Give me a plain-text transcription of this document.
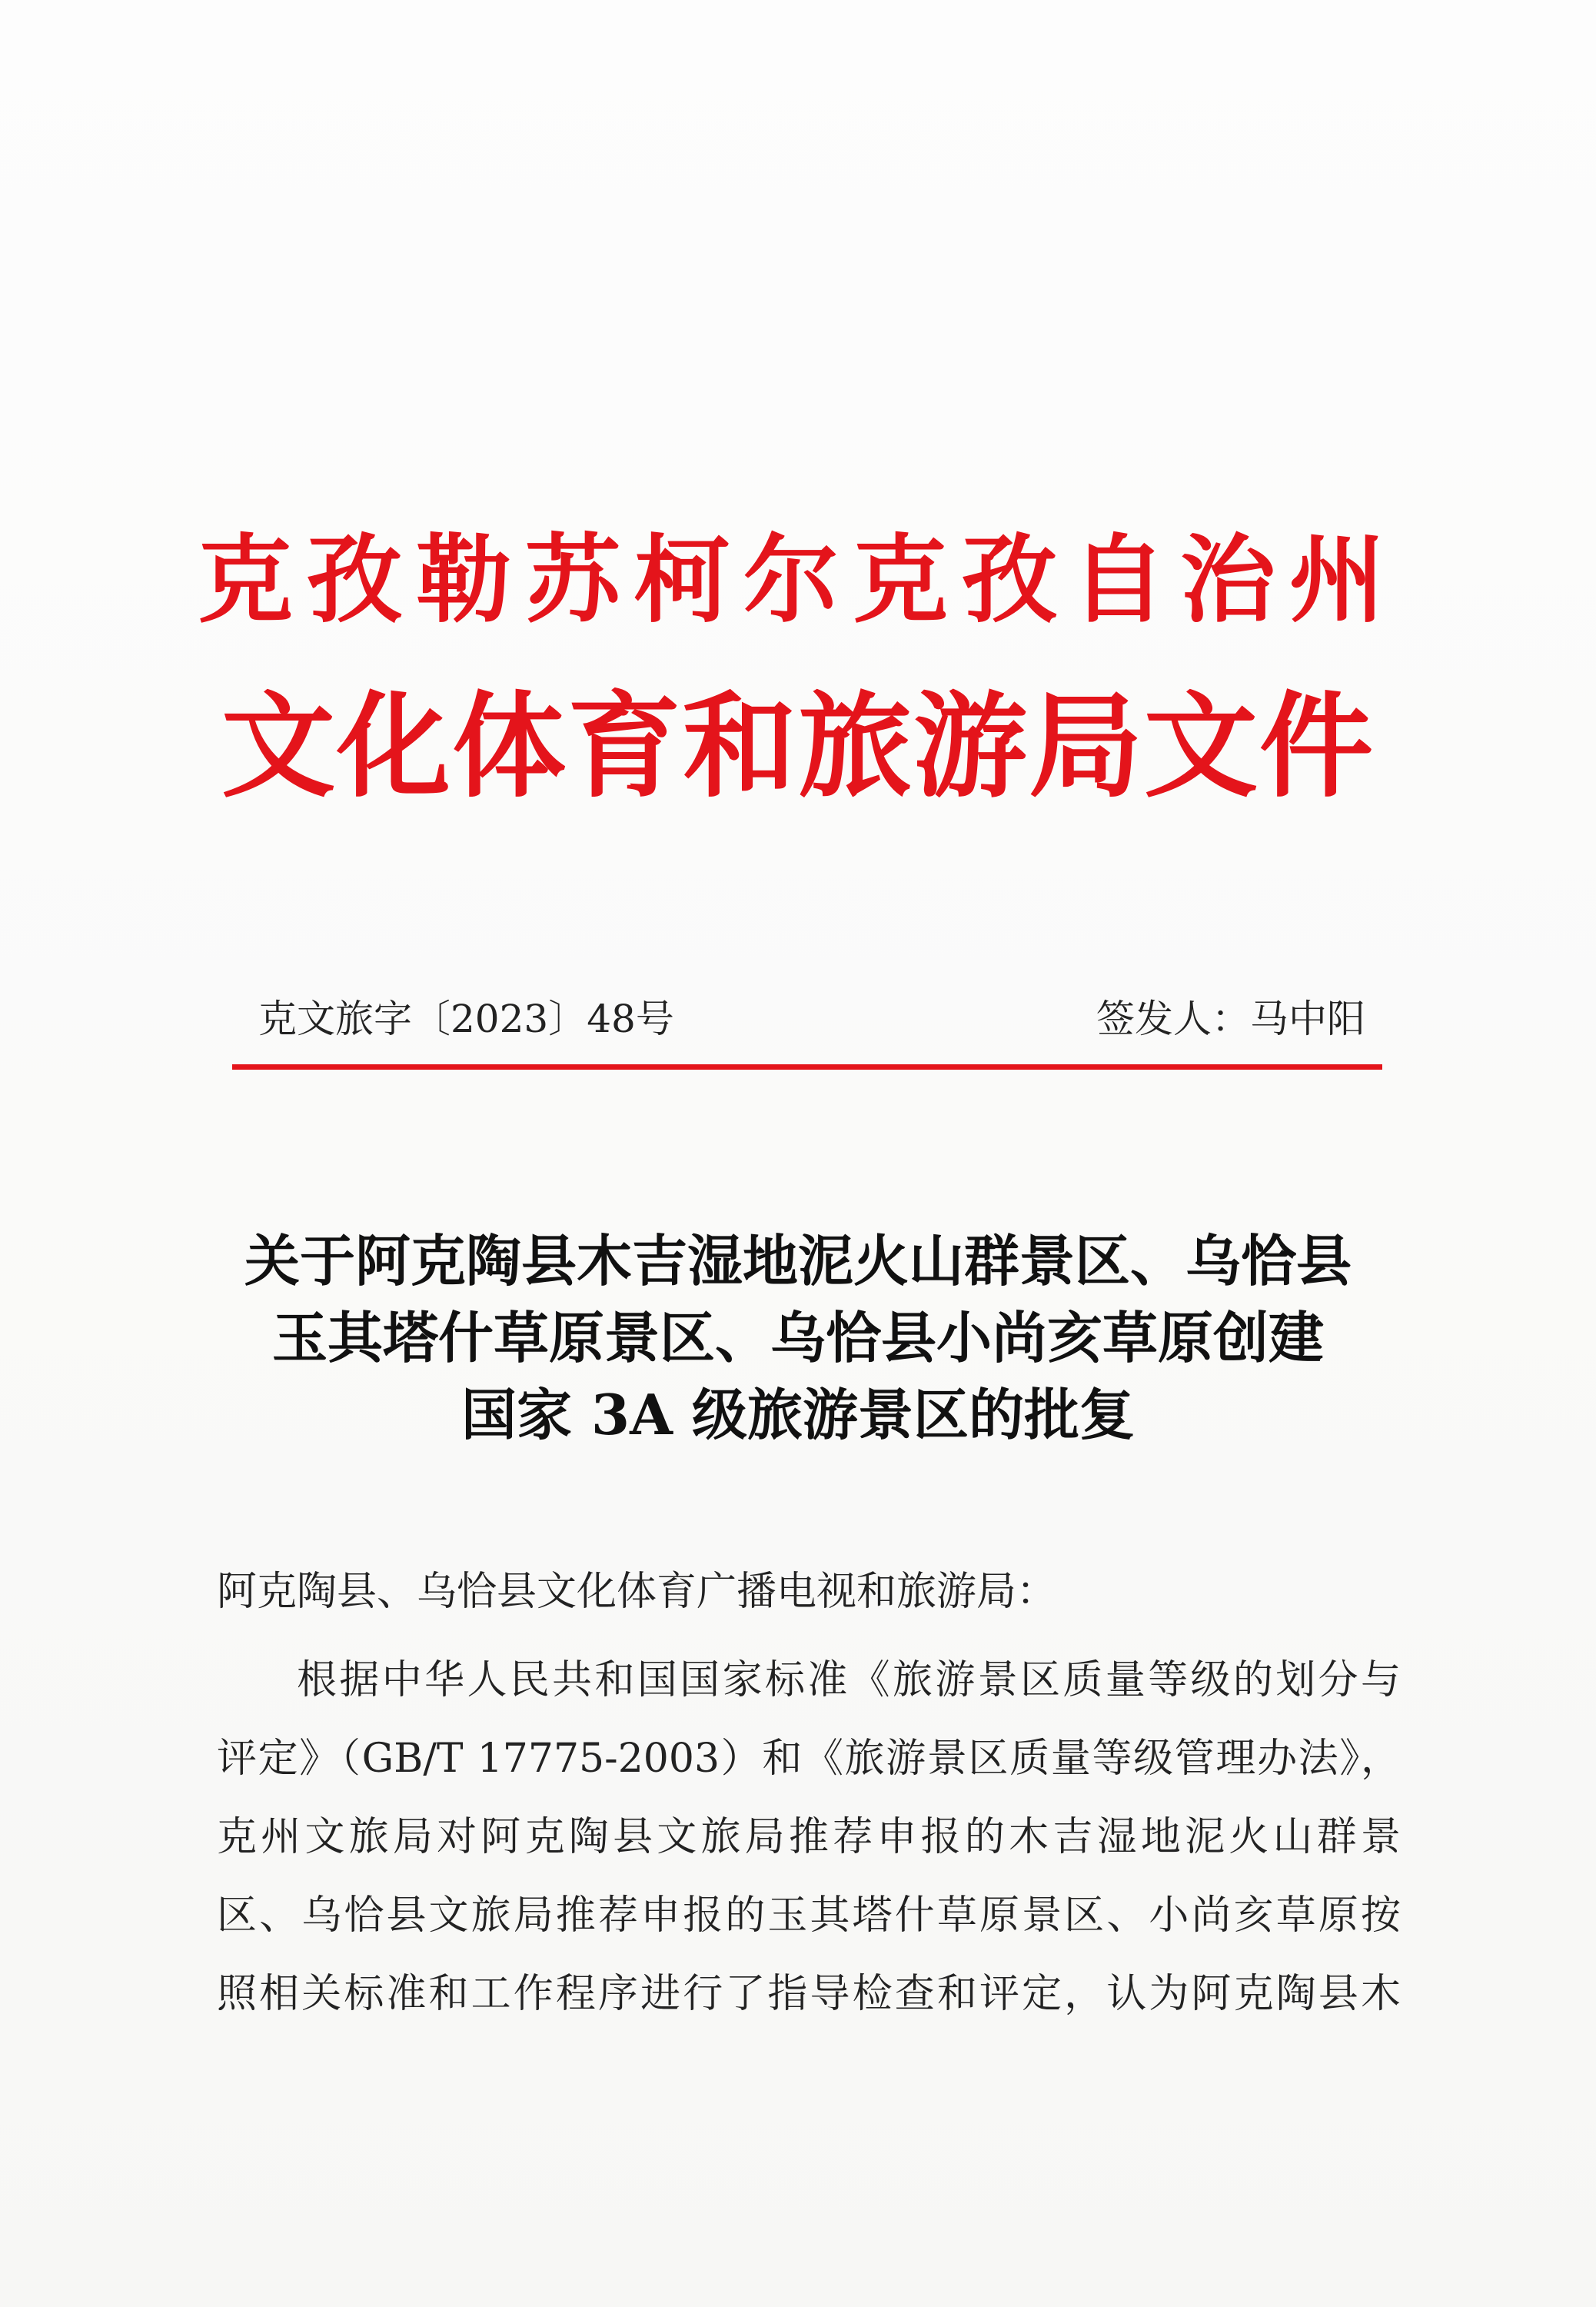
克孜勒苏柯尔克孜自治州
文化体育和旅游局文件
克文旅字〔2023〕48号	签发人：马中阳
关于阿克陶县木吉湿地泥火山群景区、乌恰县
玉其塔什草原景区、乌恰县小尚亥草原创建
国家 3A 级旅游景区的批复
阿克陶县、乌恰县文化体育广播电视和旅游局：
根据中华人民共和国国家标准《旅游景区质量等级的划分与
评定》（GB/T 17775-2003）和《旅游景区质量等级管理办法》，
克州文旅局对阿克陶县文旅局推荐申报的木吉湿地泥火山群景
区、乌恰县文旅局推荐申报的玉其塔什草原景区、小尚亥草原按
照相关标准和工作程序进行了指导检查和评定，认为阿克陶县木
